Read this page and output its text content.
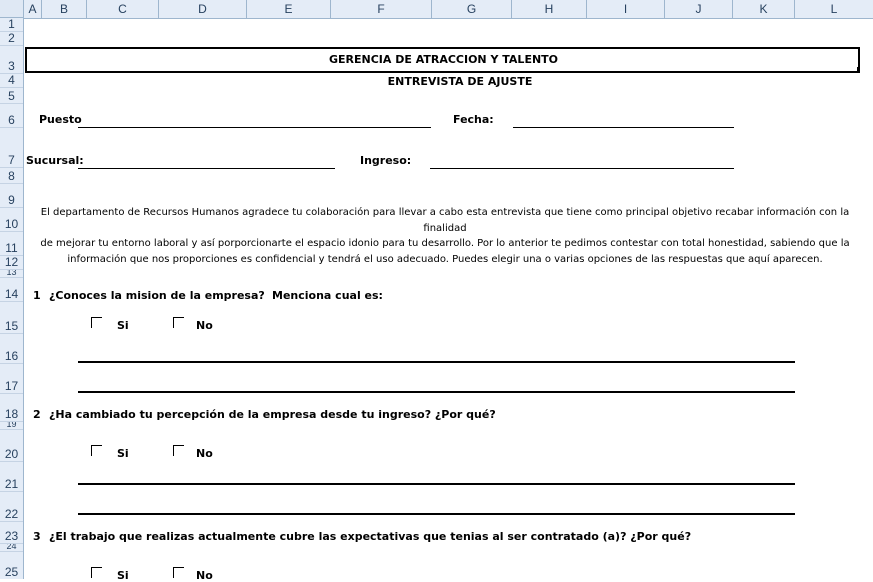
A	B	C	D	E	F	G	H	I	J	K	L
1
2
3
4
5
6
7
8
9
10
11
12
13
14
15
16
17
18
19
20
21
22
23
24
25
GERENCIA DE ATRACCION Y TALENTO
ENTREVISTA DE AJUSTE
Puesto	Fecha:
Sucursal:	Ingreso:
El departamento de Recursos Humanos agradece tu colaboración para llevar a cabo esta entrevista que tiene como principal objetivo recabar información con la finalidad
de mejorar tu entorno laboral y así porporcionarte el espacio idonio para tu desarrollo. Por lo anterior te pedimos contestar con total honestidad, sabiendo que la
información que nos proporciones es confidencial y tendrá el uso adecuado. Puedes elegir una o varias opciones de las respuestas que aquí aparecen.
1 ¿Conoces la mision de la empresa? Menciona cual es:
Si	No
2 ¿Ha cambiado tu percepción de la empresa desde tu ingreso? ¿Por qué?
Si	No
3 ¿El trabajo que realizas actualmente cubre las expectativas que tenias al ser contratado (a)? ¿Por qué?
Si	No
